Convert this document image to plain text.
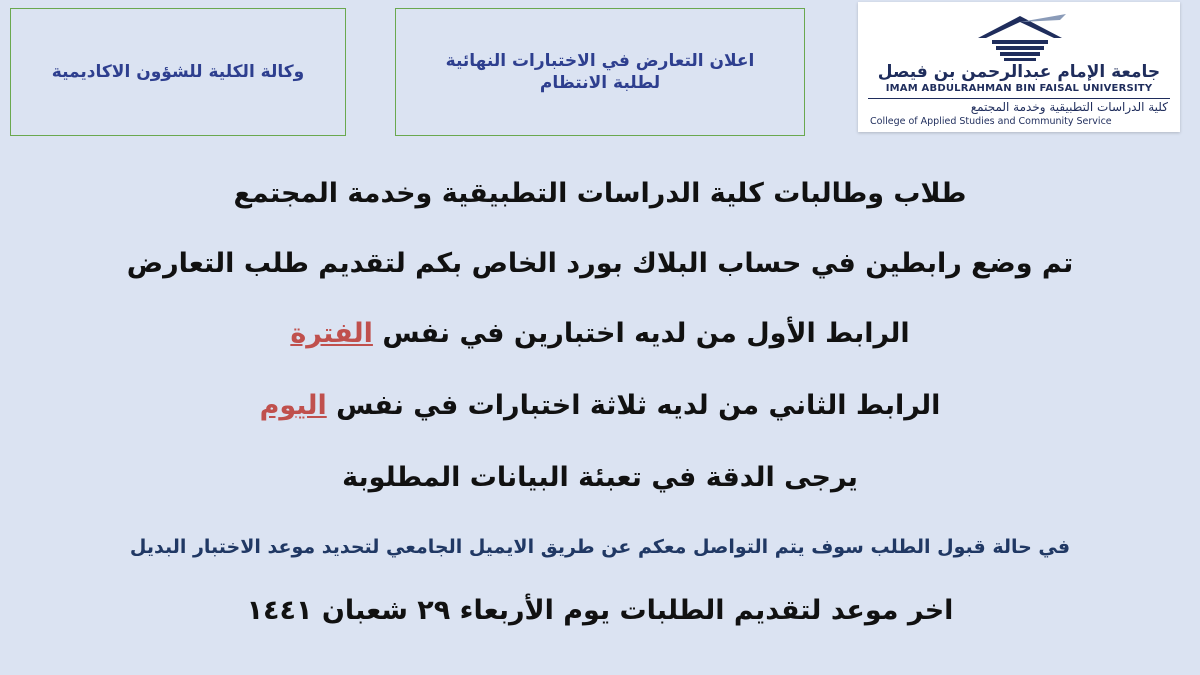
وكالة الكلية للشؤون الاكاديمية
اعلان التعارض في الاختبارات النهائية
لطلبة الانتظام
جامعة الإمام عبدالرحمن بن فيصل
IMAM ABDULRAHMAN BIN FAISAL UNIVERSITY
كلية الدراسات التطبيقية وخدمة المجتمع
College of Applied Studies and Community Service
طلاب وطالبات كلية الدراسات التطبيقية وخدمة المجتمع
تم وضع رابطين في حساب البلاك بورد الخاص بكم لتقديم طلب التعارض
الرابط الأول من لديه اختبارين في نفس الفترة
الرابط الثاني من لديه ثلاثة اختبارات في نفس اليوم
يرجى الدقة في تعبئة البيانات المطلوبة
في حالة قبول الطلب سوف يتم التواصل معكم عن طريق الايميل الجامعي لتحديد موعد الاختبار البديل
اخر موعد لتقديم الطلبات يوم الأربعاء ٢٩ شعبان ١٤٤١
